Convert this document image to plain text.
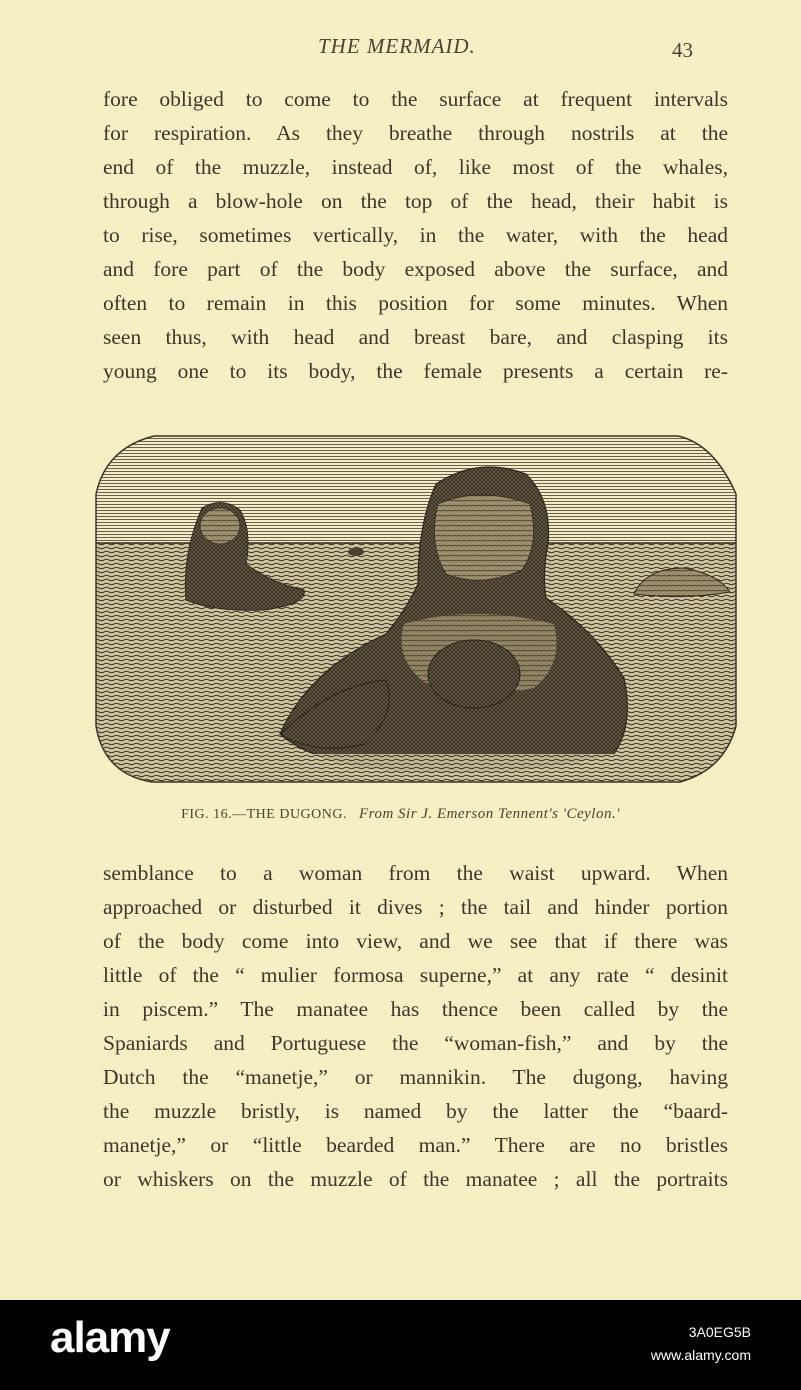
THE MERMAID.	43
fore obliged to come to the surface at frequent intervals
for respiration. As they breathe through nostrils at the
end of the muzzle, instead of, like most of the whales,
through a blow-hole on the top of the head, their habit is
to rise, sometimes vertically, in the water, with the head
and fore part of the body exposed above the surface, and
often to remain in this position for some minutes. When
seen thus, with head and breast bare, and clasping its
young one to its body, the female presents a certain re-
FIG. 16.—THE DUGONG. From Sir J. Emerson Tennent's 'Ceylon.'
semblance to a woman from the waist upward. When
approached or disturbed it dives ; the tail and hinder portion
of the body come into view, and we see that if there was
little of the “ mulier formosa superne,” at any rate “ desinit
in piscem.” The manatee has thence been called by the
Spaniards and Portuguese the “woman-fish,” and by the
Dutch the “manetje,” or mannikin. The dugong, having
the muzzle bristly, is named by the latter the “baard-
manetje,” or “little bearded man.” There are no bristles
or whiskers on the muzzle of the manatee ; all the portraits
alamy	3A0EG5B
www.alamy.com
